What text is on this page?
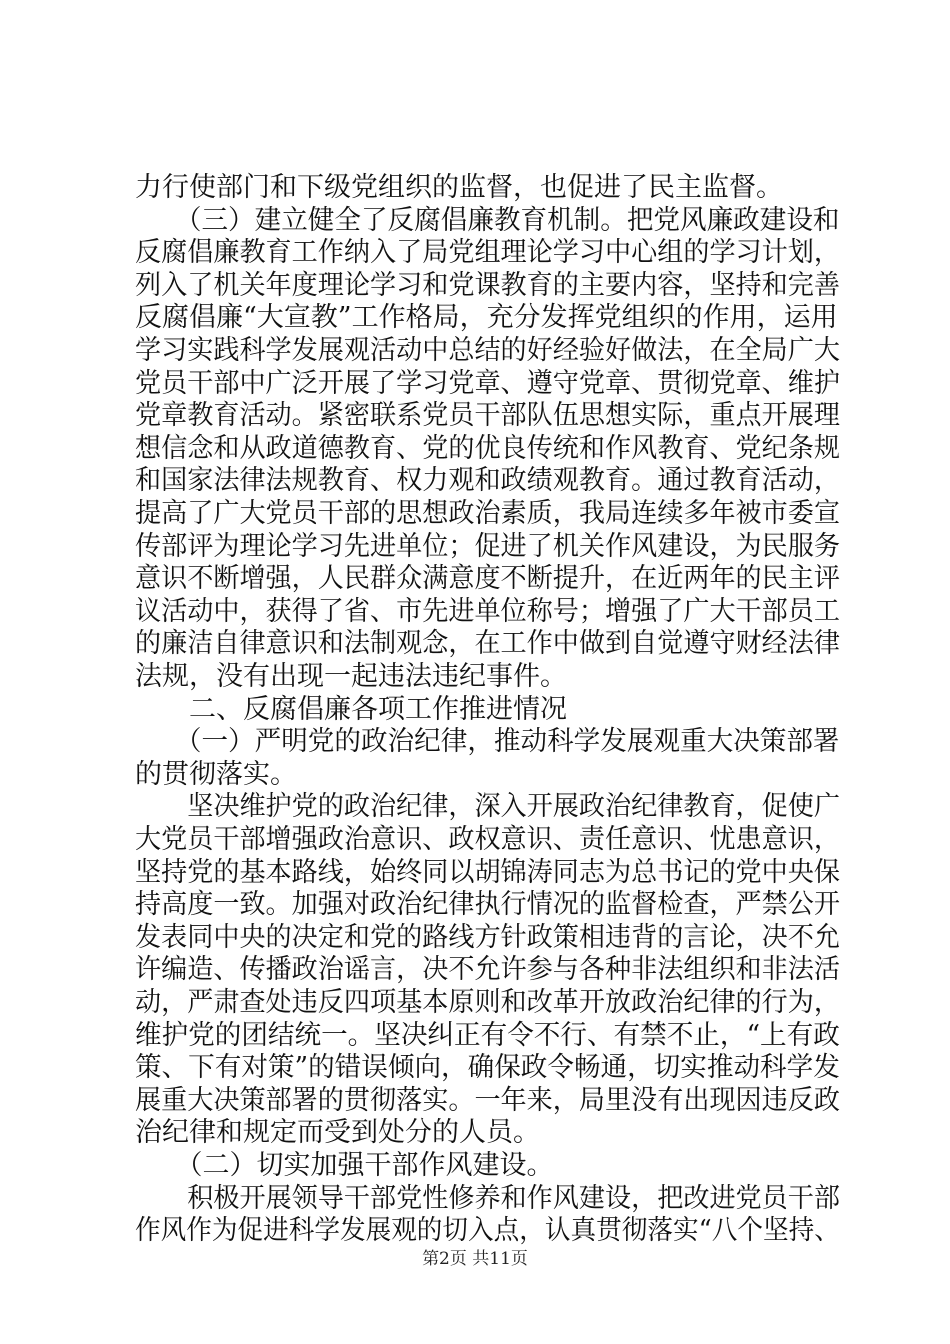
力行使部门和下级党组织的监督，也促进了民主监督。
　　（三）建立健全了反腐倡廉教育机制。把党风廉政建设和
反腐倡廉教育工作纳入了局党组理论学习中心组的学习计划，
列入了机关年度理论学习和党课教育的主要内容，坚持和完善
反腐倡廉“大宣教”工作格局，充分发挥党组织的作用，运用
学习实践科学发展观活动中总结的好经验好做法，在全局广大
党员干部中广泛开展了学习党章、遵守党章、贯彻党章、维护
党章教育活动。紧密联系党员干部队伍思想实际，重点开展理
想信念和从政道德教育、党的优良传统和作风教育、党纪条规
和国家法律法规教育、权力观和政绩观教育。通过教育活动，
提高了广大党员干部的思想政治素质，我局连续多年被市委宣
传部评为理论学习先进单位；促进了机关作风建设，为民服务
意识不断增强，人民群众满意度不断提升，在近两年的民主评
议活动中，获得了省、市先进单位称号；增强了广大干部员工
的廉洁自律意识和法制观念，在工作中做到自觉遵守财经法律
法规，没有出现一起违法违纪事件。
　　二、反腐倡廉各项工作推进情况
　　（一）严明党的政治纪律，推动科学发展观重大决策部署
的贯彻落实。
　　坚决维护党的政治纪律，深入开展政治纪律教育，促使广
大党员干部增强政治意识、政权意识、责任意识、忧患意识，
坚持党的基本路线，始终同以胡锦涛同志为总书记的党中央保
持高度一致。加强对政治纪律执行情况的监督检查，严禁公开
发表同中央的决定和党的路线方针政策相违背的言论，决不允
许编造、传播政治谣言，决不允许参与各种非法组织和非法活
动，严肃查处违反四项基本原则和改革开放政治纪律的行为，
维护党的团结统一。坚决纠正有令不行、有禁不止，“上有政
策、下有对策”的错误倾向，确保政令畅通，切实推动科学发
展重大决策部署的贯彻落实。一年来，局里没有出现因违反政
治纪律和规定而受到处分的人员。
　　（二）切实加强干部作风建设。
　　积极开展领导干部党性修养和作风建设，把改进党员干部
作风作为促进科学发展观的切入点，认真贯彻落实“八个坚持、
第2页 共11页
